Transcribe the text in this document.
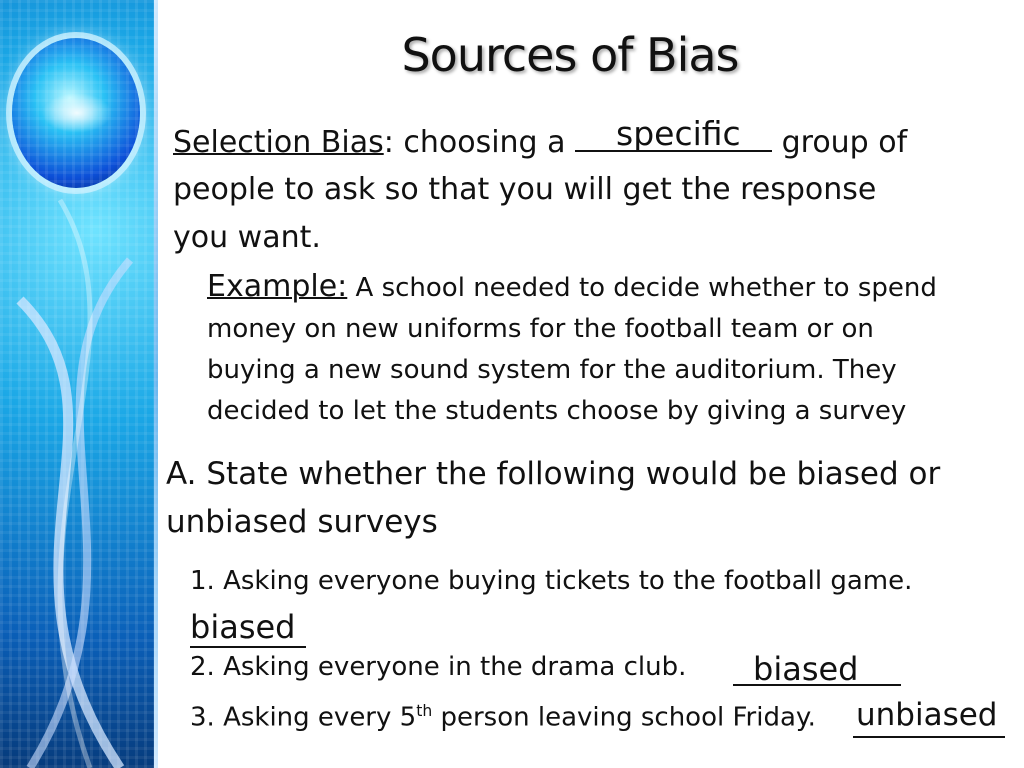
Sources of Bias
Selection Bias: choosing a	group of
specific
people to ask so that you will get the response
you want.
Example: A school needed to decide whether to spend
money on new uniforms for the football team or on
buying a new sound system for the auditorium. They
decided to let the students choose by giving a survey
A. State whether the following would be biased or
unbiased surveys
1. Asking everyone buying tickets to the football game.
biased
2. Asking everyone in the drama club. biased
3. Asking every 5th person leaving school Friday. unbiased
